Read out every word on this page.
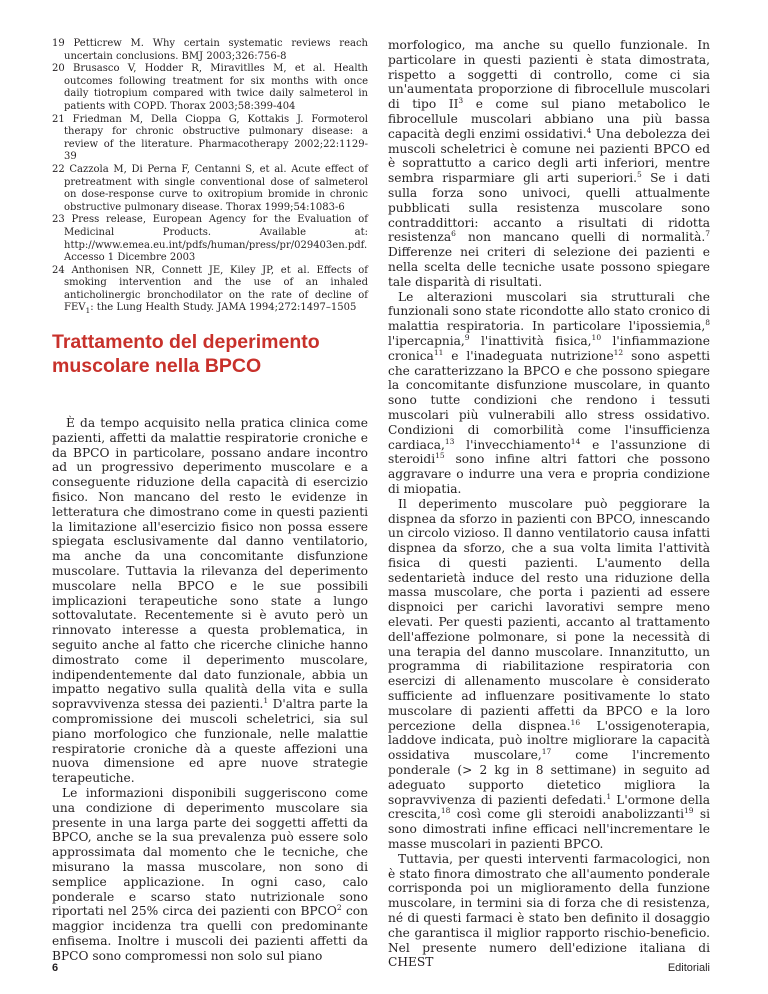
19 Petticrew M. Why certain systematic reviews reach uncertain conclusions. BMJ 2003;326:756-8
20 Brusasco V, Hodder R, Miravitlles M, et al. Health outcomes following treatment for six months with once daily tiotropium compared with twice daily salmeterol in patients with COPD. Thorax 2003;58:399-404
21 Friedman M, Della Cioppa G, Kottakis J. Formoterol therapy for chronic obstructive pulmonary disease: a review of the literature. Pharmacotherapy 2002;22:1129-39
22 Cazzola M, Di Perna F, Centanni S, et al. Acute effect of pretreatment with single conventional dose of salmeterol on dose-response curve to oxitropium bromide in chronic obstructive pulmonary disease. Thorax 1999;54:1083-6
23 Press release, European Agency for the Evaluation of Medicinal Products. Available at: http://www.emea.eu.int/pdfs/human/press/pr/029403en.pdf. Accesso 1 Dicembre 2003
24 Anthonisen NR, Connett JE, Kiley JP, et al. Effects of smoking intervention and the use of an inhaled anticholinergic bronchodilator on the rate of decline of $FEV_1$: the Lung Health Study. JAMA 1994;272:1497–1505
Trattamento del deperimento muscolare nella BPCO

È da tempo acquisito nella pratica clinica come pazienti, affetti da malattie respiratorie croniche e da BPCO in particolare, possano andare incontro ad un progressivo deperimento muscolare e a conseguente riduzione della capacità di esercizio fisico. Non mancano del resto le evidenze in letteratura che dimostrano come in questi pazienti la limitazione all'esercizio fisico non possa essere spiegata esclusivamente dal danno ventilatorio, ma anche da una concomitante disfunzione muscolare. Tuttavia la rilevanza del deperimento muscolare nella BPCO e le sue possibili implicazioni terapeutiche sono state a lungo sottovalutate. Recentemente si è avuto però un rinnovato interesse a questa problematica, in seguito anche al fatto che ricerche cliniche hanno dimostrato come il deperimento muscolare, indipendentemente dal dato funzionale, abbia un impatto negativo sulla qualità della vita e sulla sopravvivenza stessa dei pazienti.$^1$ D'altra parte la compromissione dei muscoli scheletrici, sia sul piano morfologico che funzionale, nelle malattie respiratorie croniche dà a queste affezioni una nuova dimensione ed apre nuove strategie terapeutiche.

Le informazioni disponibili suggeriscono come una condizione di deperimento muscolare sia presente in una larga parte dei soggetti affetti da BPCO, anche se la sua prevalenza può essere solo approssimata dal momento che le tecniche, che misurano la massa muscolare, non sono di semplice applicazione. In ogni caso, calo ponderale e scarso stato nutrizionale sono riportati nel 25% circa dei pazienti con BPCO$^2$ con maggior incidenza tra quelli con predominante enfisema. Inoltre i muscoli dei pazienti affetti da BPCO sono compromessi non solo sul piano

morfologico, ma anche su quello funzionale. In particolare in questi pazienti è stata dimostrata, rispetto a soggetti di controllo, come ci sia un'aumentata proporzione di fibrocellule muscolari di tipo $II^3$ e come sul piano metabolico le fibrocellule muscolari abbiano una più bassa capacità degli enzimi ossidativi.$^4$ Una debolezza dei muscoli scheletrici è comune nei pazienti BPCO ed è soprattutto a carico degli arti inferiori, mentre sembra risparmiare gli arti superiori.$^5$ Se i dati sulla forza sono univoci, quelli attualmente pubblicati sulla resistenza muscolare sono contraddittori: accanto a risultati di ridotta resistenza$^6$ non mancano quelli di normalità.$^7$ Differenze nei criteri di selezione dei pazienti e nella scelta delle tecniche usate possono spiegare tale disparità di risultati.

Le alterazioni muscolari sia strutturali che funzionali sono state ricondotte allo stato cronico di malattia respiratoria. In particolare l'ipossiemia,$^8$ l'ipercapnia,$^9$ l'inattività fisica,$^{10}$ l'infiammazione cronica$^{11}$ e l'inadeguata nutrizione$^{12}$ sono aspetti che caratterizzano la BPCO e che possono spiegare la concomitante disfunzione muscolare, in quanto sono tutte condizioni che rendono i tessuti muscolari più vulnerabili allo stress ossidativo. Condizioni di comorbilità come l'insufficienza cardiaca,$^{13}$ l'invecchiamento$^{14}$ e l'assunzione di steroidi$^{15}$ sono infine altri fattori che possono aggravare o indurre una vera e propria condizione di miopatia.

Il deperimento muscolare può peggiorare la dispnea da sforzo in pazienti con BPCO, innescando un circolo vizioso. Il danno ventilatorio causa infatti dispnea da sforzo, che a sua volta limita l'attività fisica di questi pazienti. L'aumento della sedentarietà induce del resto una riduzione della massa muscolare, che porta i pazienti ad essere dispnoici per carichi lavorativi sempre meno elevati. Per questi pazienti, accanto al trattamento dell'affezione polmonare, si pone la necessità di una terapia del danno muscolare. Innanzitutto, un programma di riabilitazione respiratoria con esercizi di allenamento muscolare è considerato sufficiente ad influenzare positivamente lo stato muscolare di pazienti affetti da BPCO e la loro percezione della dispnea.$^{16}$ L'ossigenoterapia, laddove indicata, può inoltre migliorare la capacità ossidativa muscolare,$^{17}$ come l'incremento ponderale (> 2 kg in 8 settimane) in seguito ad adeguato supporto dietetico migliora la sopravvivenza di pazienti defedati.$^1$ L'ormone della crescita,$^{18}$ così come gli steroidi anabolizzanti$^{19}$ si sono dimostrati infine efficaci nell'incrementare le masse muscolari in pazienti BPCO.

Tuttavia, per questi interventi farmacologici, non è stato finora dimostrato che all'aumento ponderale corrisponda poi un miglioramento della funzione muscolare, in termini sia di forza che di resistenza, né di questi farmaci è stato ben definito il dosaggio che garantisca il miglior rapporto rischio-beneficio. Nel presente numero dell'edizione italiana di CHEST

6	Editoriali
